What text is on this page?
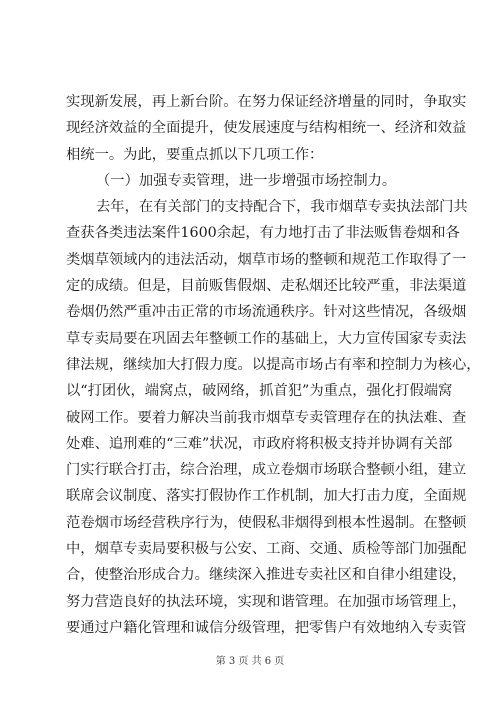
实现新发展，再上新台阶。在努力保证经济增量的同时，争取实
现经济效益的全面提升，使发展速度与结构相统一、经济和效益
相统一。为此，要重点抓以下几项工作：
（一）加强专卖管理，进一步增强市场控制力。
去年，在有关部门的支持配合下，我市烟草专卖执法部门共
查获各类违法案件1600余起，有力地打击了非法贩售卷烟和各
类烟草领域内的违法活动，烟草市场的整顿和规范工作取得了一
定的成绩。但是，目前贩售假烟、走私烟还比较严重，非法渠道
卷烟仍然严重冲击正常的市场流通秩序。针对这些情况，各级烟
草专卖局要在巩固去年整顿工作的基础上，大力宣传国家专卖法
律法规，继续加大打假力度。以提高市场占有率和控制力为核心，
以“打团伙，端窝点，破网络，抓首犯”为重点，强化打假端窝
破网工作。要着力解决当前我市烟草专卖管理存在的执法难、查
处难、追刑难的“三难”状况，市政府将积极支持并协调有关部
门实行联合打击，综合治理，成立卷烟市场联合整顿小组，建立
联席会议制度、落实打假协作工作机制，加大打击力度，全面规
范卷烟市场经营秩序行为，使假私非烟得到根本性遏制。在整顿
中，烟草专卖局要积极与公安、工商、交通、质检等部门加强配
合，使整治形成合力。继续深入推进专卖社区和自律小组建设，
努力营造良好的执法环境，实现和谐管理。在加强市场管理上，
要通过户籍化管理和诚信分级管理，把零售户有效地纳入专卖管
第 3 页 共 6 页
